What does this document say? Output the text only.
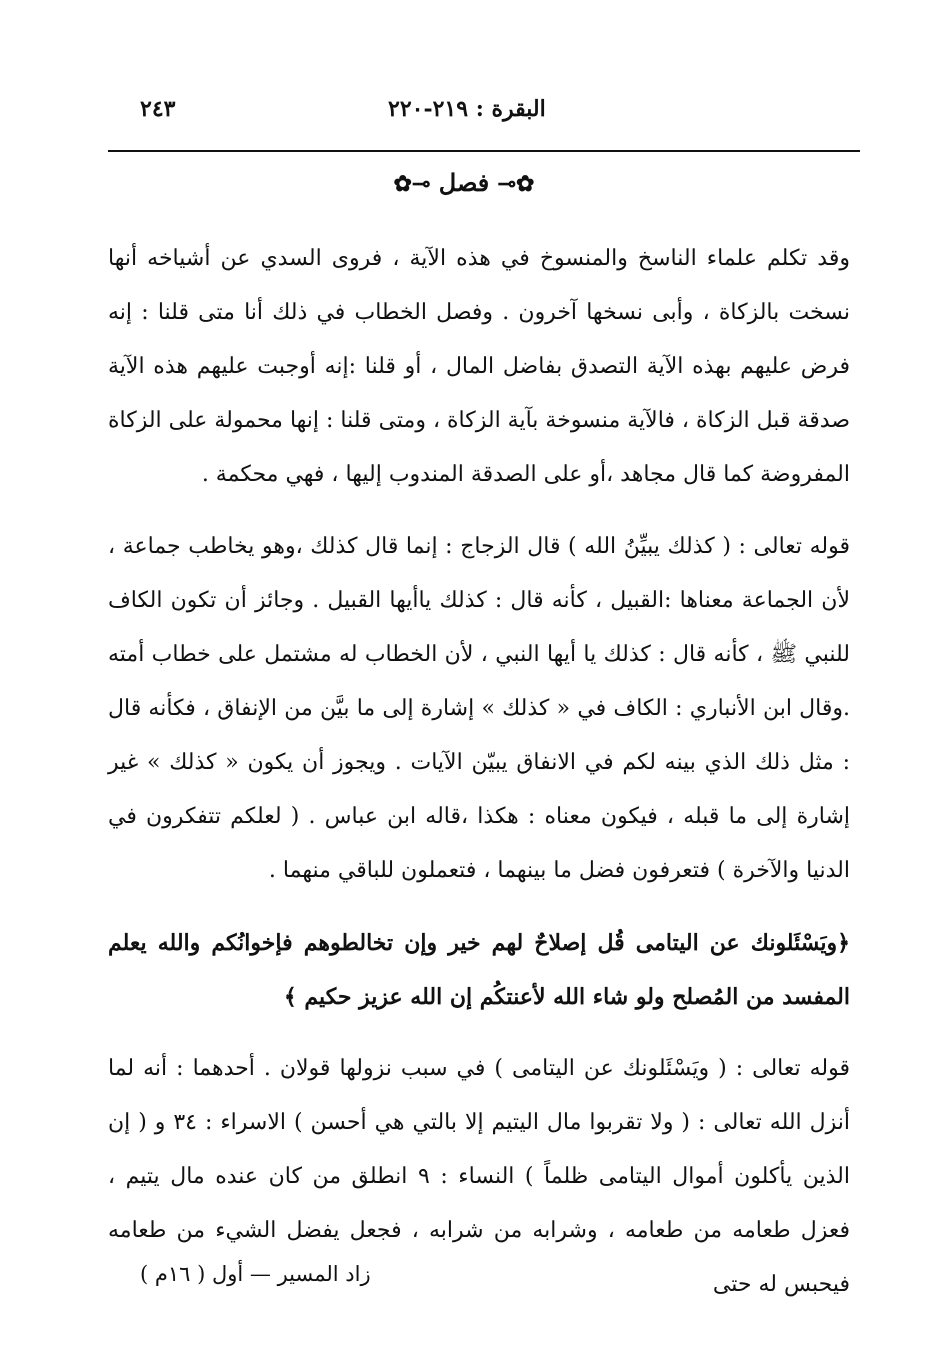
٢٤٣	البقرة : ٢١٩-٢٢٠
✿⊸ فصل ⊸✿

وقد تكلم علماء الناسخ والمنسوخ في هذه الآية ، فروى السدي عن أشياخه أنها نسخت بالزكاة ، وأبى نسخها آخرون . وفصل الخطاب في ذلك أنا متى قلنا : إنه فرض عليهم بهذه الآية التصدق بفاضل المال ، أو قلنا :إنه أوجبت عليهم هذه الآية صدقة قبل الزكاة ، فالآية منسوخة بآية الزكاة ، ومتى قلنا : إنها محمولة على الزكاة المفروضة كما قال مجاهد ،أو على الصدقة المندوب إليها ، فهي محكمة .

قوله تعالى : ( كذلك يبيِّنُ الله ) قال الزجاج : إنما قال كذلك ،وهو يخاطب جماعة ، لأن الجماعة معناها :القبيل ، كأنه قال : كذلك ياأيها القبيل . وجائز أن تكون الكاف للنبي ﷺ ، كأنه قال : كذلك يا أيها النبي ، لأن الخطاب له مشتمل على خطاب أمته .وقال ابن الأنباري : الكاف في « كذلك » إشارة إلى ما بيَّن من الإنفاق ، فكأنه قال : مثل ذلك الذي بينه لكم في الانفاق يبيّن الآيات . ويجوز أن يكون « كذلك » غير إشارة إلى ما قبله ، فيكون معناه : هكذا ،قاله ابن عباس . ( لعلكم تتفكرون في الدنيا والآخرة ) فتعرفون فضل ما بينهما ، فتعملون للباقي منهما .

﴿ويَسْئَلونك عن اليتامى قُل إصلاحٌ لهم خير وإن تخالطوهم فإخوانُكم والله يعلم المفسد من المُصلح ولو شاء الله لأعنتكُم إن الله عزيز حكيم ﴾

قوله تعالى : ( ويَسْئَلونك عن اليتامى ) في سبب نزولها قولان . أحدهما : أنه لما أنزل الله تعالى : ( ولا تقربوا مال اليتيم إلا بالتي هي أحسن ) الاسراء : ٣٤ و ( إن الذين يأكلون أموال اليتامى ظلماً ) النساء : ٩ انطلق من كان عنده مال يتيم ، فعزل طعامه من طعامه ، وشرابه من شرابه ، فجعل يفضل الشيء من طعامه فيحبس له حتى

زاد المسير — أول ( ١٦م )
